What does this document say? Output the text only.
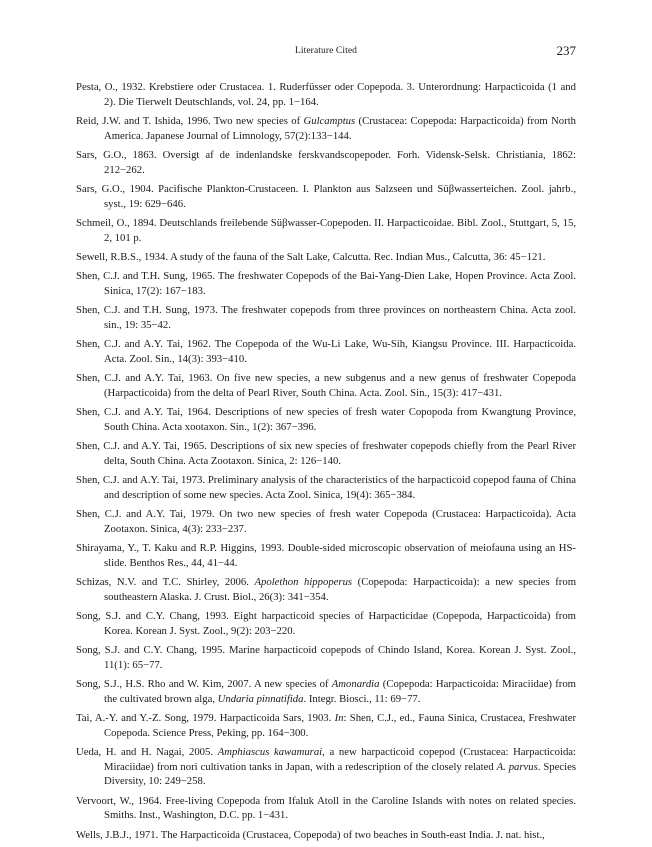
Literature Cited	237
Pesta, O., 1932. Krebstiere oder Crustacea. 1. Ruderfüsser oder Copepoda. 3. Unterordnung: Harpacticoida (1 and 2). Die Tierwelt Deutschlands, vol. 24, pp. 1−164.
Reid, J.W. and T. Ishida, 1996. Two new species of Gulcamptus (Crustacea: Copepoda: Harpacticoida) from North America. Japanese Journal of Limnology, 57(2):133−144.
Sars, G.O., 1863. Oversigt af de indenlandske ferskvandscopepoder. Forh. Vidensk-Selsk. Christiania, 1862: 212−262.
Sars, G.O., 1904. Pacifische Plankton-Crustaceen. I. Plankton aus Salzseen und Süβwasserteichen. Zool. jahrb., syst., 19: 629−646.
Schmeil, O., 1894. Deutschlands freilebende Süβwasser-Copepoden. II. Harpacticoidae. Bibl. Zool., Stuttgart, 5, 15, 2, 101 p.
Sewell, R.B.S., 1934. A study of the fauna of the Salt Lake, Calcutta. Rec. Indian Mus., Calcutta, 36: 45−121.
Shen, C.J. and T.H. Sung, 1965. The freshwater Copepods of the Bai-Yang-Dien Lake, Hopen Province. Acta Zool. Sinica, 17(2): 167−183.
Shen, C.J. and T.H. Sung, 1973. The freshwater copepods from three provinces on northeastern China. Acta zool. sin., 19: 35−42.
Shen, C.J. and A.Y. Tai, 1962. The Copepoda of the Wu-Li Lake, Wu-Sih, Kiangsu Province. III. Harpacticoida. Acta. Zool. Sin., 14(3): 393−410.
Shen, C.J. and A.Y. Tai, 1963. On five new species, a new subgenus and a new genus of freshwater Copepoda (Harpacticoida) from the delta of Pearl River, South China. Acta. Zool. Sin., 15(3): 417−431.
Shen, C.J. and A.Y. Tai, 1964. Descriptions of new species of fresh water Copopoda from Kwangtung Province, South China. Acta xootaxon. Sin., 1(2): 367−396.
Shen, C.J. and A.Y. Tai, 1965. Descriptions of six new species of freshwater copepods chiefly from the Pearl River delta, South China. Acta Zootaxon. Sinica, 2: 126−140.
Shen, C.J. and A.Y. Tai, 1973. Preliminary analysis of the characteristics of the harpacticoid copepod fauna of China and description of some new species. Acta Zool. Sinica, 19(4): 365−384.
Shen, C.J. and A.Y. Tai, 1979. On two new species of fresh water Copepoda (Crustacea: Harpacticoida). Acta Zootaxon. Sinica, 4(3): 233−237.
Shirayama, Y., T. Kaku and R.P. Higgins, 1993. Double-sided microscopic observation of meiofauna using an HS-slide. Benthos Res., 44, 41−44.
Schizas, N.V. and T.C. Shirley, 2006. Apolethon hippoperus (Copepoda: Harpacticoida): a new species from southeastern Alaska. J. Crust. Biol., 26(3): 341−354.
Song, S.J. and C.Y. Chang, 1993. Eight harpacticoid species of Harpacticidae (Copepoda, Harpacticoida) from Korea. Korean J. Syst. Zool., 9(2): 203−220.
Song, S.J. and C.Y. Chang, 1995. Marine harpacticoid copepods of Chindo Island, Korea. Korean J. Syst. Zool., 11(1): 65−77.
Song, S.J., H.S. Rho and W. Kim, 2007. A new species of Amonardia (Copepoda: Harpacticoida: Miraciidae) from the cultivated brown alga, Undaria pinnatifida. Integr. Biosci., 11: 69−77.
Tai, A.-Y. and Y.-Z. Song, 1979. Harpacticoida Sars, 1903. In: Shen, C.J., ed., Fauna Sinica, Crustacea, Freshwater Copepoda. Science Press, Peking, pp. 164−300.
Ueda, H. and H. Nagai, 2005. Amphiascus kawamurai, a new harpacticoid copepod (Crustacea: Harpacticoida: Miraciidae) from nori cultivation tanks in Japan, with a redescription of the closely related A. parvus. Species Diversity, 10: 249−258.
Vervoort, W., 1964. Free-living Copepoda from Ifaluk Atoll in the Caroline Islands with notes on related species. Smiths. Inst., Washington, D.C. pp. 1−431.
Wells, J.B.J., 1971. The Harpacticoida (Crustacea, Copepoda) of two beaches in South-east India. J. nat. hist.,
